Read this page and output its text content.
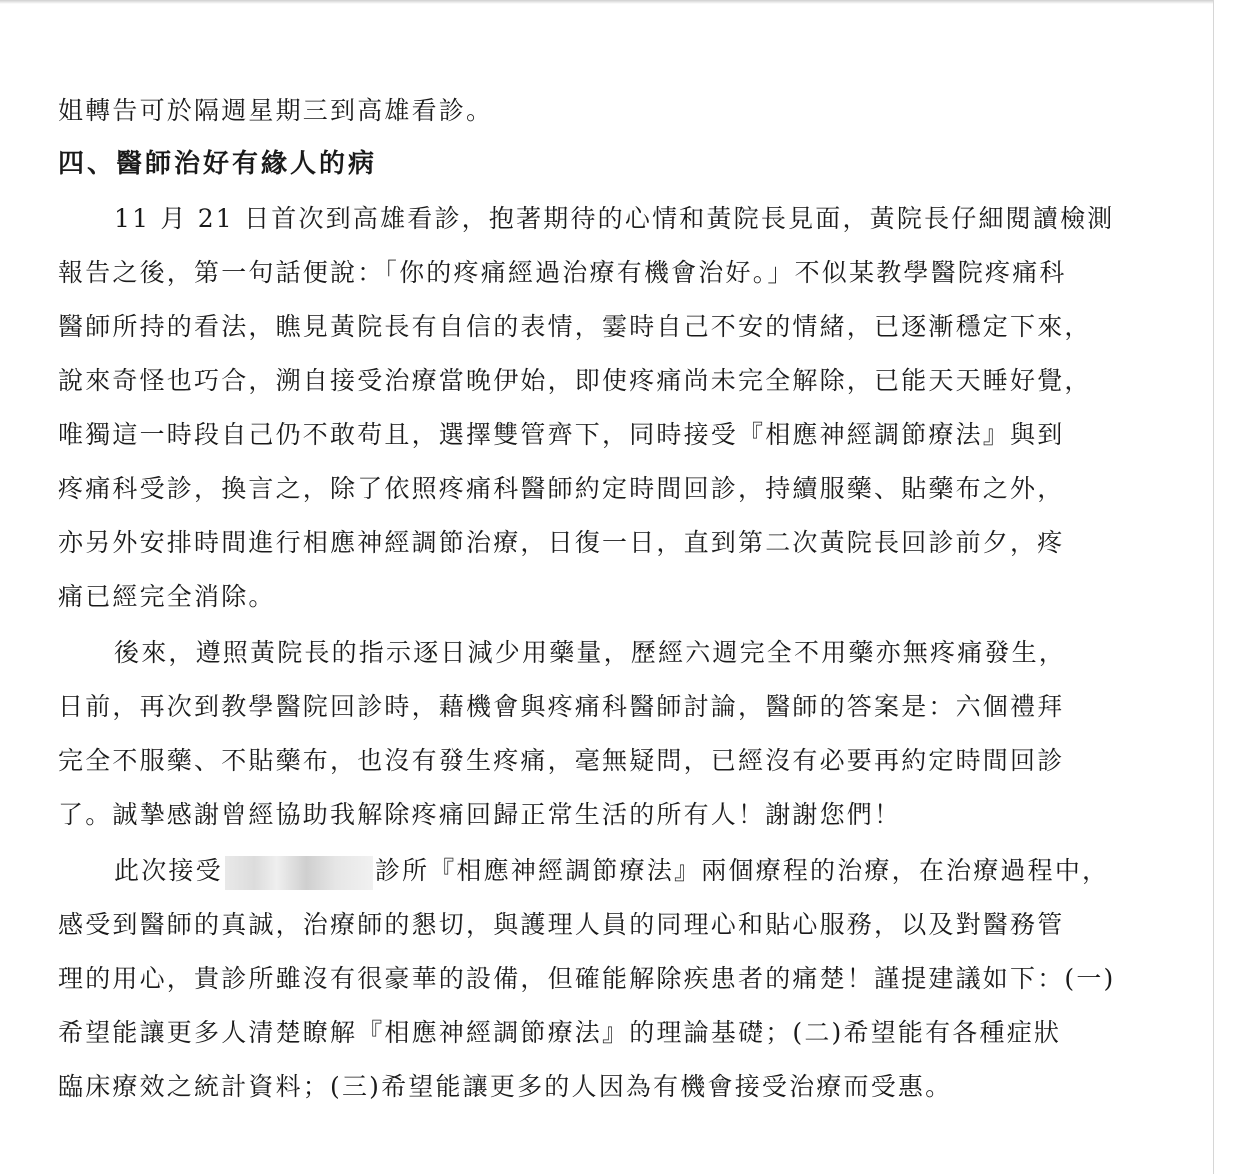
姐轉告可於隔週星期三到高雄看診。
四、醫師治好有緣人的病
11 月 21 日首次到高雄看診，抱著期待的心情和黃院長見面，黃院長仔細閱讀檢測
報告之後，第一句話便說：「你的疼痛經過治療有機會治好。」不似某教學醫院疼痛科
醫師所持的看法，瞧見黃院長有自信的表情，霎時自己不安的情緒，已逐漸穩定下來，
說來奇怪也巧合，溯自接受治療當晚伊始，即使疼痛尚未完全解除，已能天天睡好覺，
唯獨這一時段自己仍不敢苟且，選擇雙管齊下，同時接受『相應神經調節療法』與到
疼痛科受診，換言之，除了依照疼痛科醫師約定時間回診，持續服藥、貼藥布之外，
亦另外安排時間進行相應神經調節治療，日復一日，直到第二次黃院長回診前夕，疼
痛已經完全消除。
後來，遵照黃院長的指示逐日減少用藥量，歷經六週完全不用藥亦無疼痛發生，
日前，再次到教學醫院回診時，藉機會與疼痛科醫師討論，醫師的答案是：六個禮拜
完全不服藥、不貼藥布，也沒有發生疼痛，毫無疑問，已經沒有必要再約定時間回診
了。誠摯感謝曾經協助我解除疼痛回歸正常生活的所有人！謝謝您們！
此次接受	診所『相應神經調節療法』兩個療程的治療，在治療過程中，
感受到醫師的真誠，治療師的懇切，與護理人員的同理心和貼心服務，以及對醫務管
理的用心，貴診所雖沒有很豪華的設備，但確能解除疾患者的痛楚！謹提建議如下：(一)
希望能讓更多人清楚瞭解『相應神經調節療法』的理論基礎；(二)希望能有各種症狀
臨床療效之統計資料；(三)希望能讓更多的人因為有機會接受治療而受惠。
